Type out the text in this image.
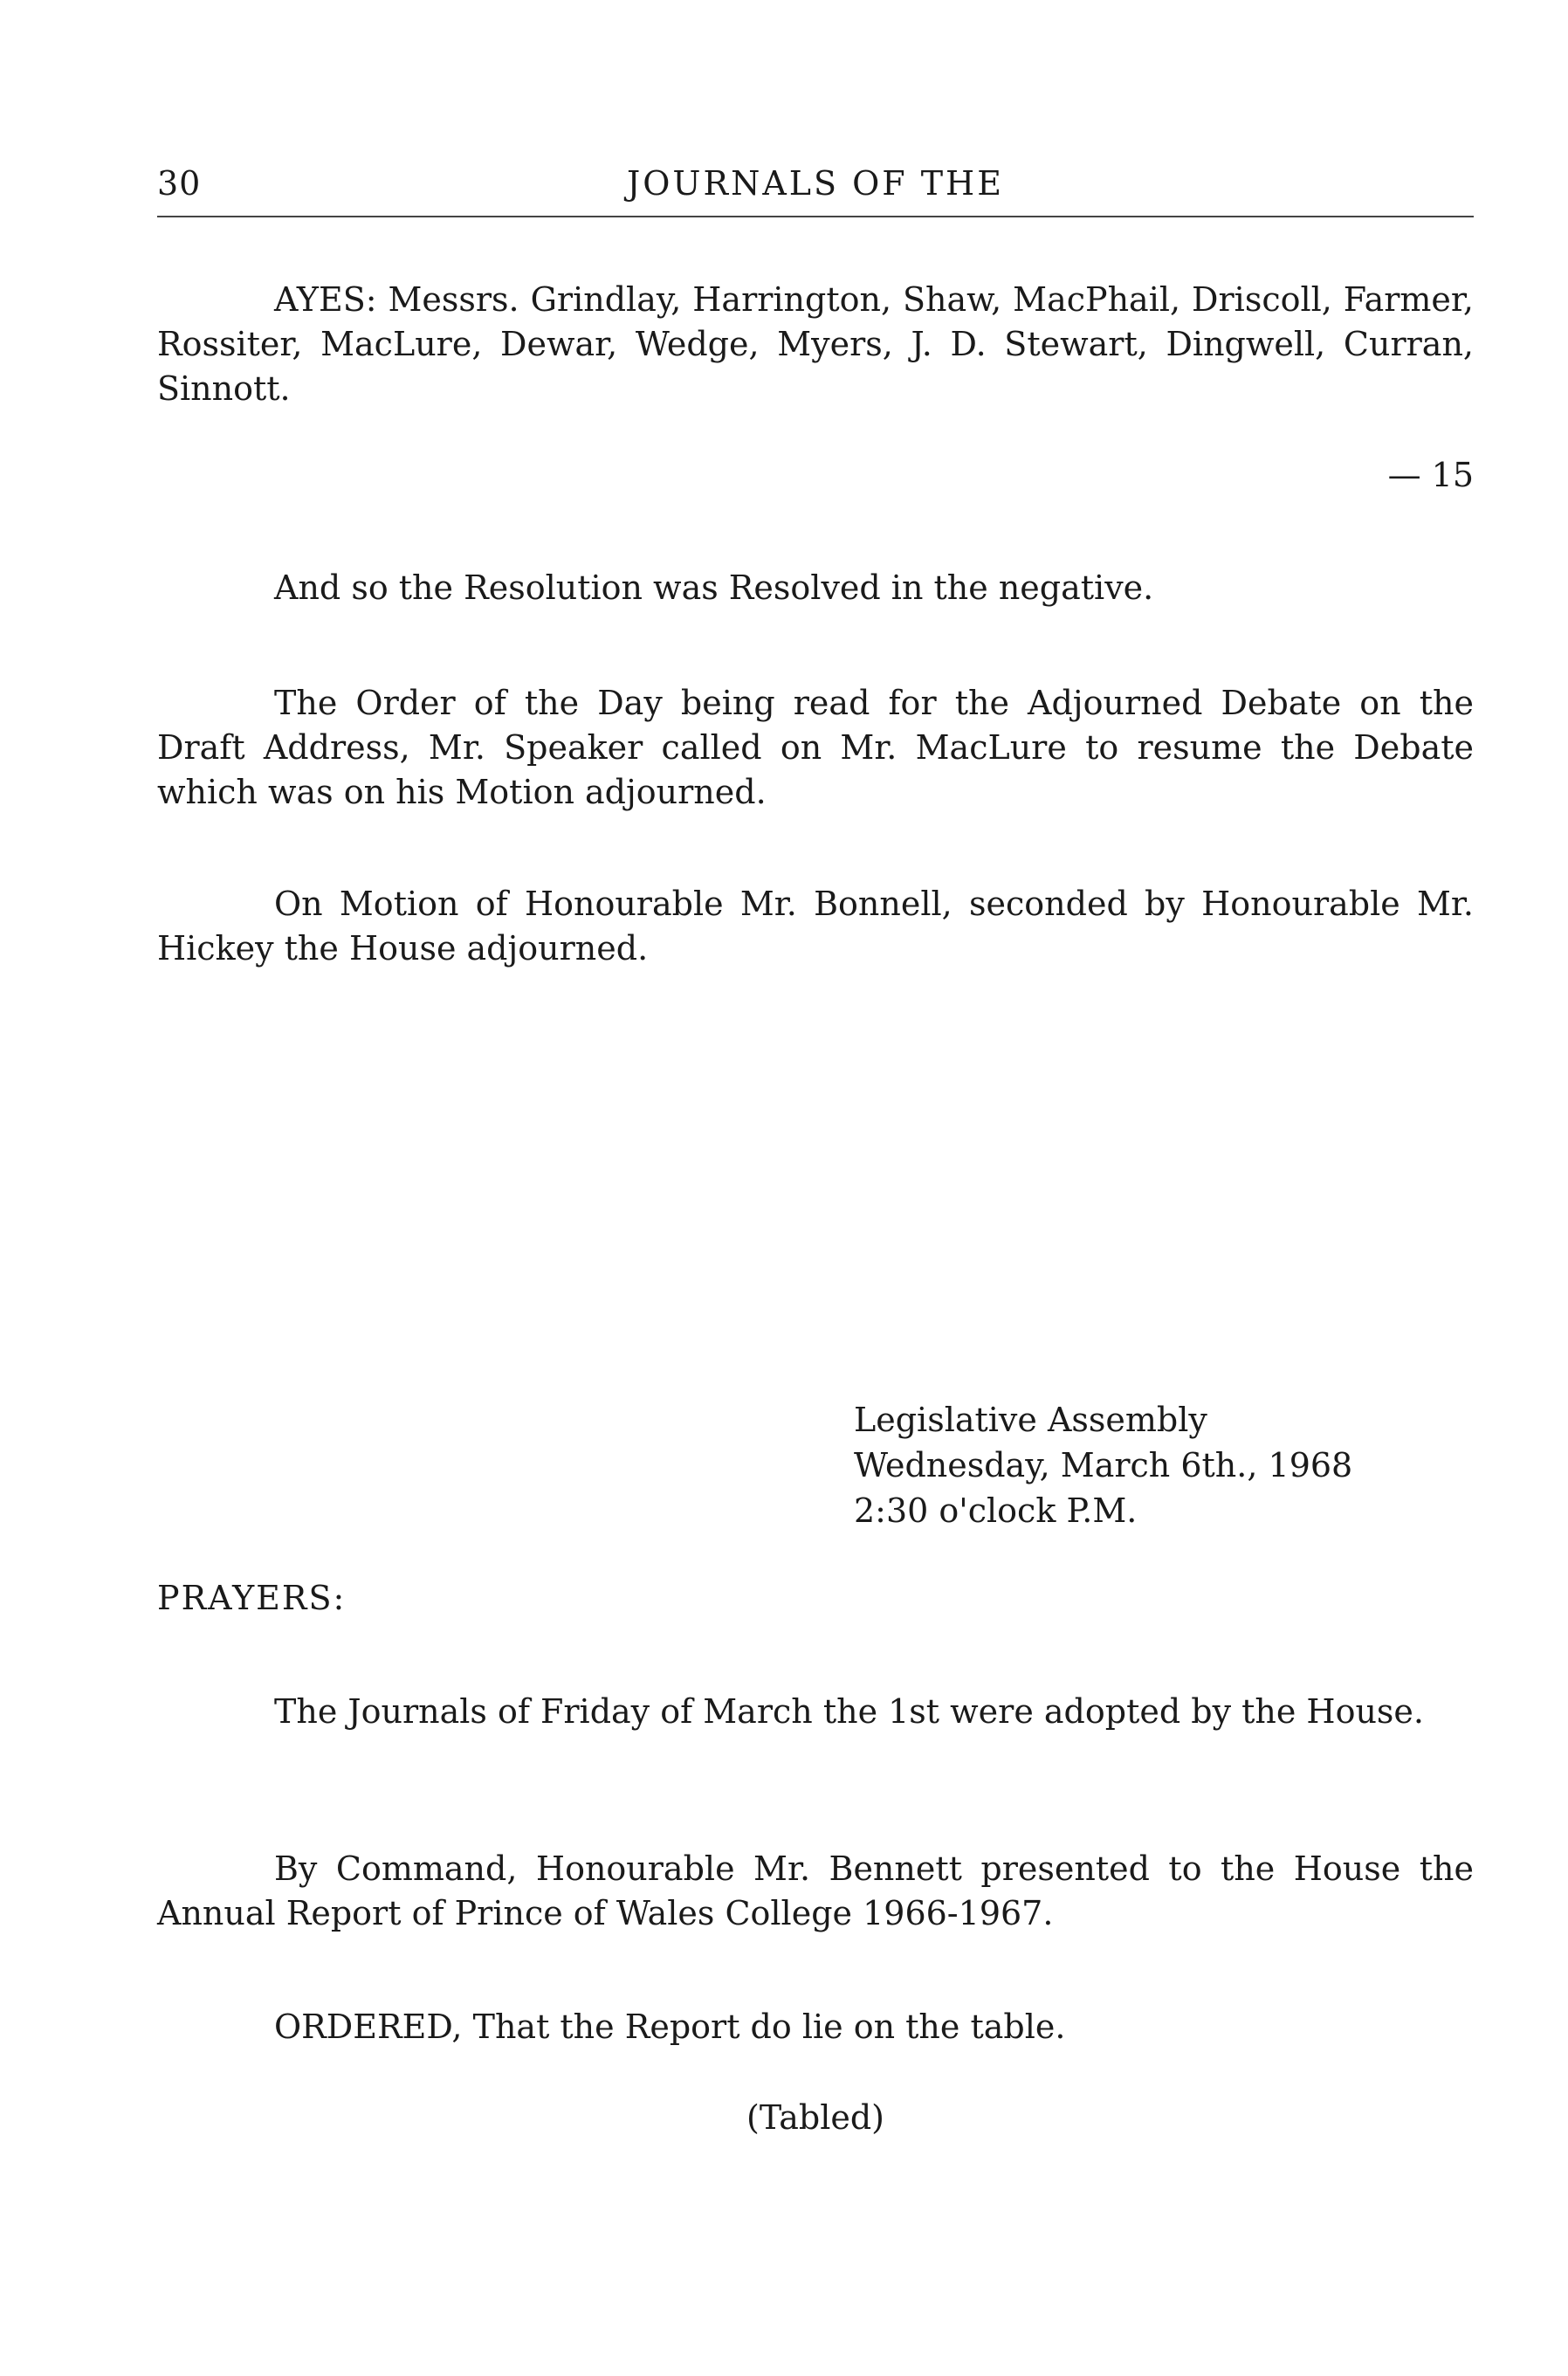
30	JOURNALS OF THE

AYES: Messrs. Grindlay, Harrington, Shaw, MacPhail, Driscoll, Farmer, Rossiter, MacLure, Dewar, Wedge, Myers, J. D. Stewart, Dingwell, Curran, Sinnott.

— 15

And so the Resolution was Resolved in the negative.

The Order of the Day being read for the Adjourned Debate on the Draft Address, Mr. Speaker called on Mr. MacLure to resume the Debate which was on his Motion adjourned.

On Motion of Honourable Mr. Bonnell, seconded by Honourable Mr. Hickey the House adjourned.

Legislative Assembly
Wednesday, March 6th., 1968
2:30 o'clock P.M.
PRAYERS:

The Journals of Friday of March the 1st were adopted by the House.

By Command, Honourable Mr. Bennett presented to the House the Annual Report of Prince of Wales College 1966-1967.

ORDERED, That the Report do lie on the table.

(Tabled)
